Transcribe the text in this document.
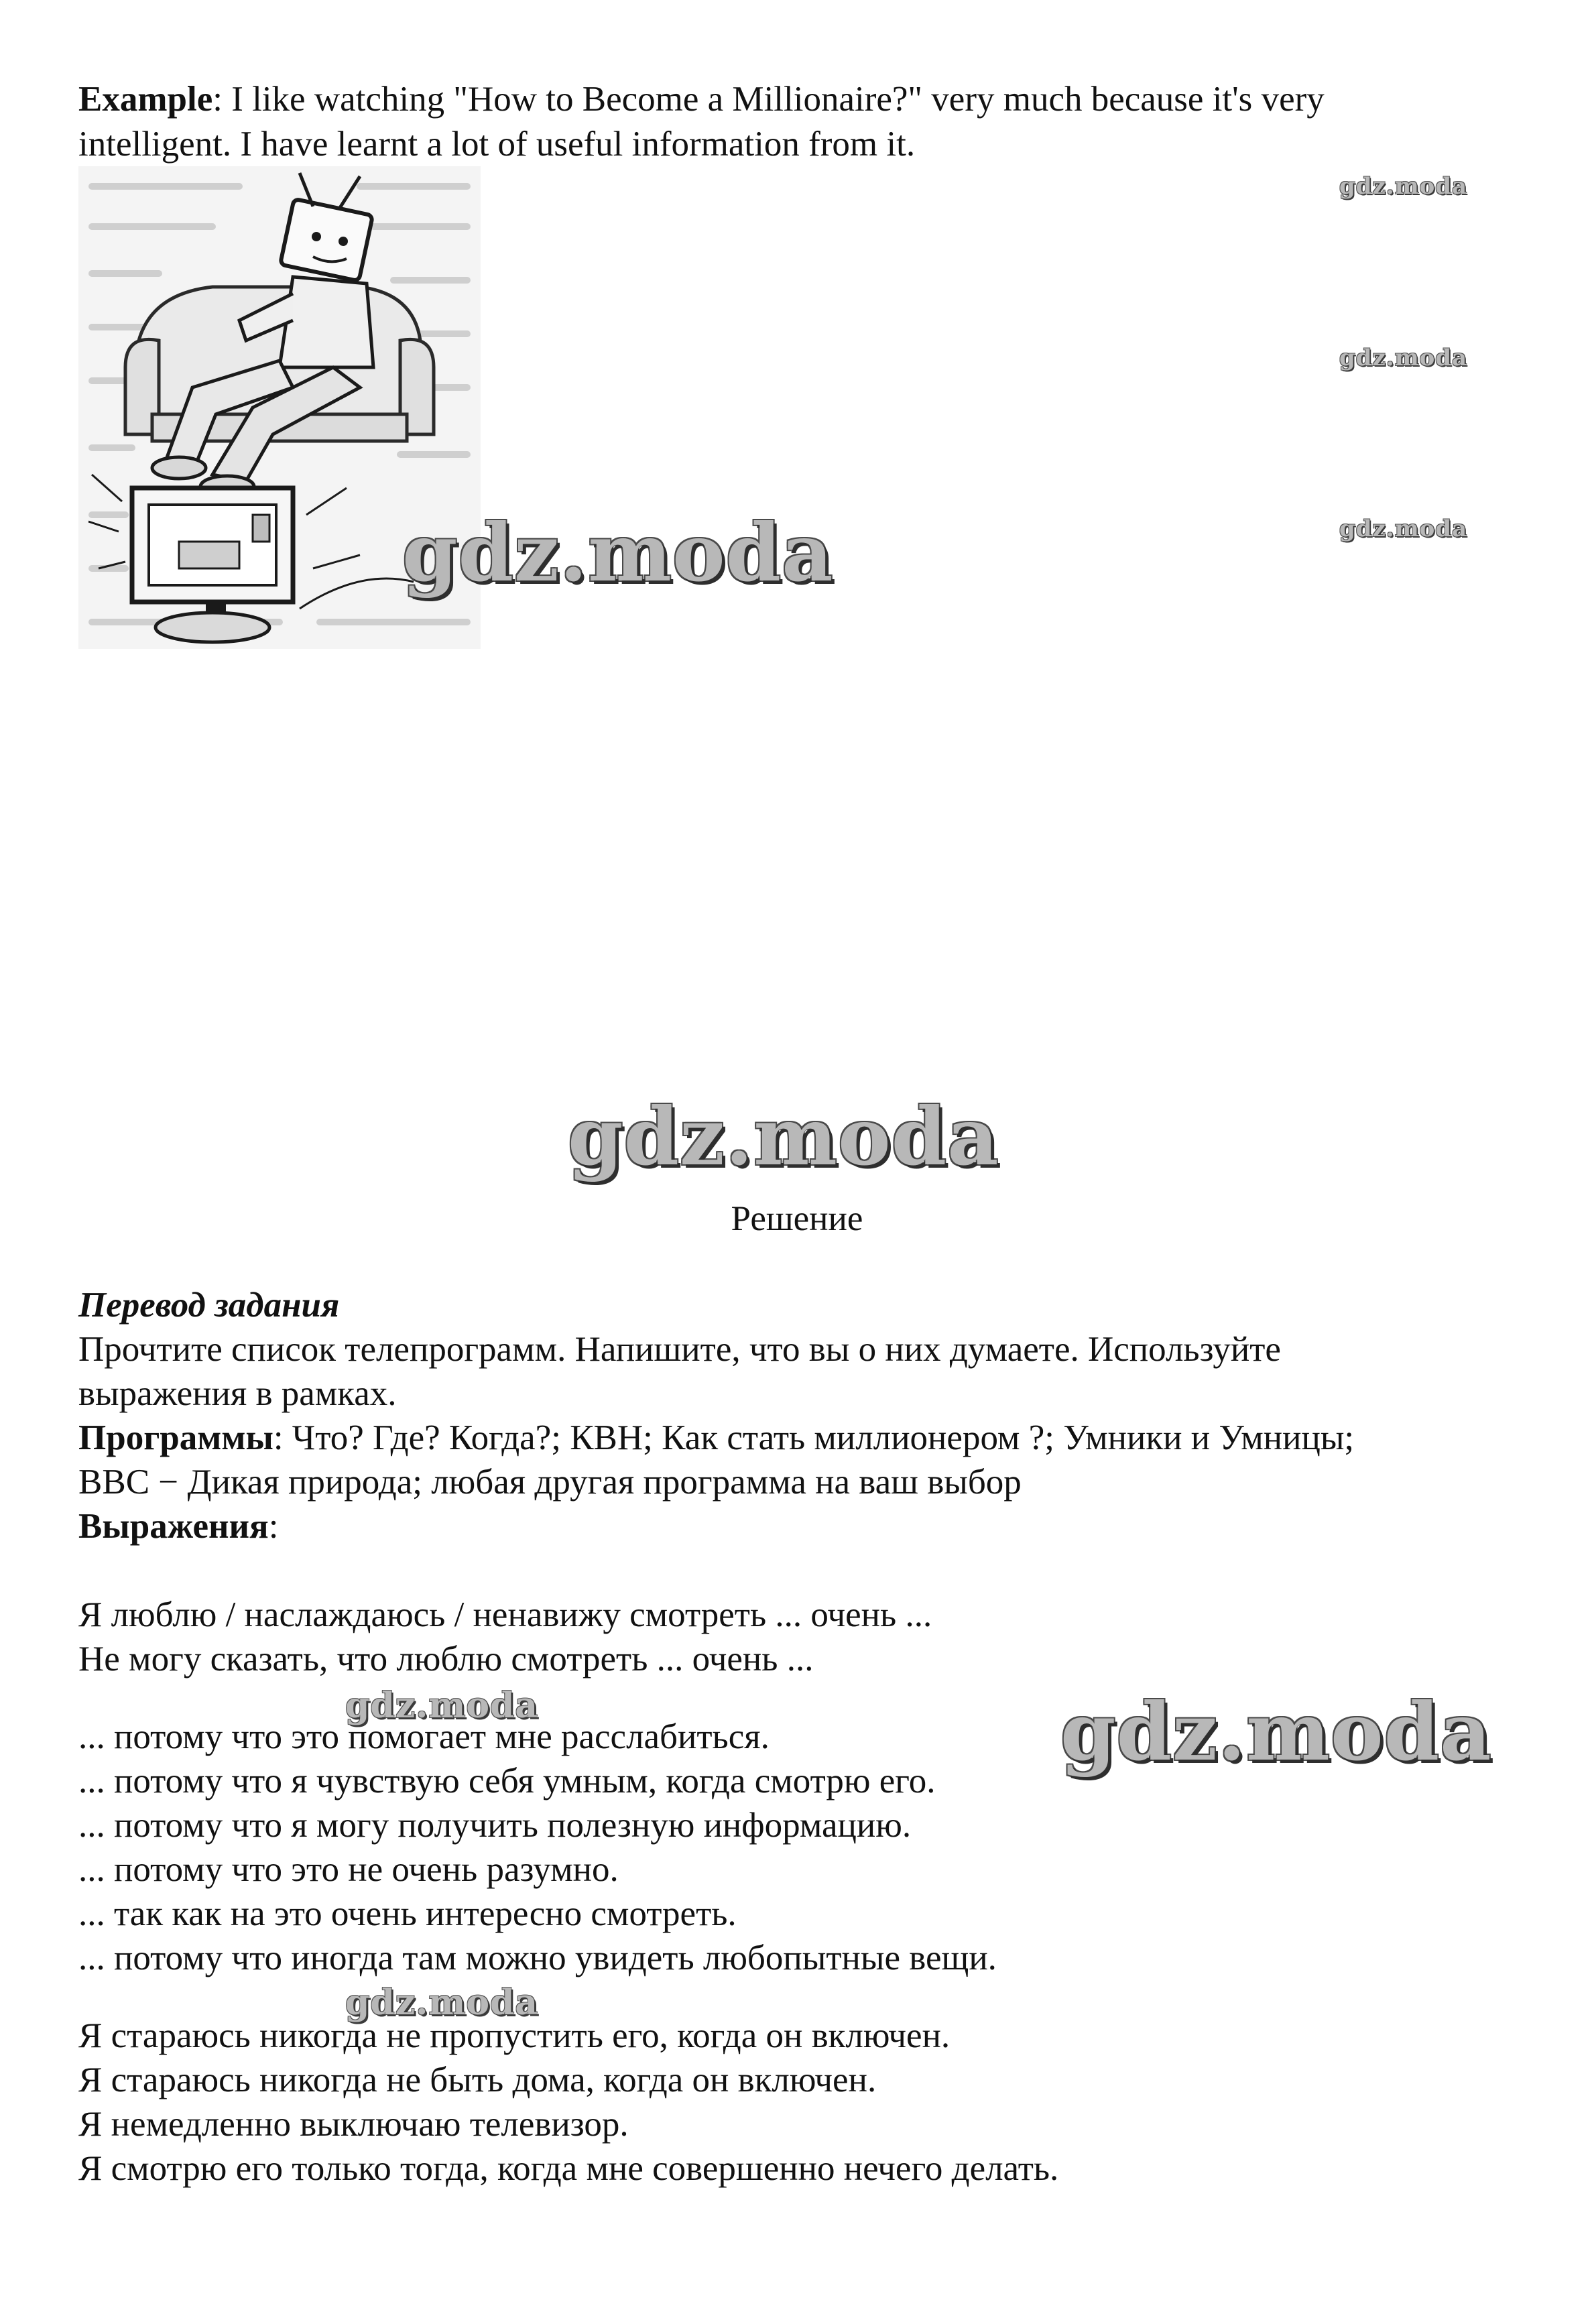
Example: I like watching "How to Become a Millionaire?" very much because it's very
intelligent. I have learnt a lot of useful information from it.
gdz.moda
gdz.moda
gdz.moda
gdz.moda
gdz.moda
gdz.moda
gdz.moda
gdz.moda
Решение
Перевод задания
Прочтите список телепрограмм. Напишите, что вы о них думаете. Используйте
выражения в рамках.
Программы: Что? Где? Когда?; КВН; Как стать миллионером ?; Умники и Умницы;
BBC − Дикая природа; любая другая программа на ваш выбор
Выражения:
Я люблю / наслаждаюсь / ненавижу смотреть ... очень ...
Не могу сказать, что люблю смотреть ... очень ...
... потому что это помогает мне расслабиться.
... потому что я чувствую себя умным, когда смотрю его.
... потому что я могу получить полезную информацию.
... потому что это не очень разумно.
... так как на это очень интересно смотреть.
... потому что иногда там можно увидеть любопытные вещи.
Я стараюсь никогда не пропустить его, когда он включен.
Я стараюсь никогда не быть дома, когда он включен.
Я немедленно выключаю телевизор.
Я смотрю его только тогда, когда мне совершенно нечего делать.
